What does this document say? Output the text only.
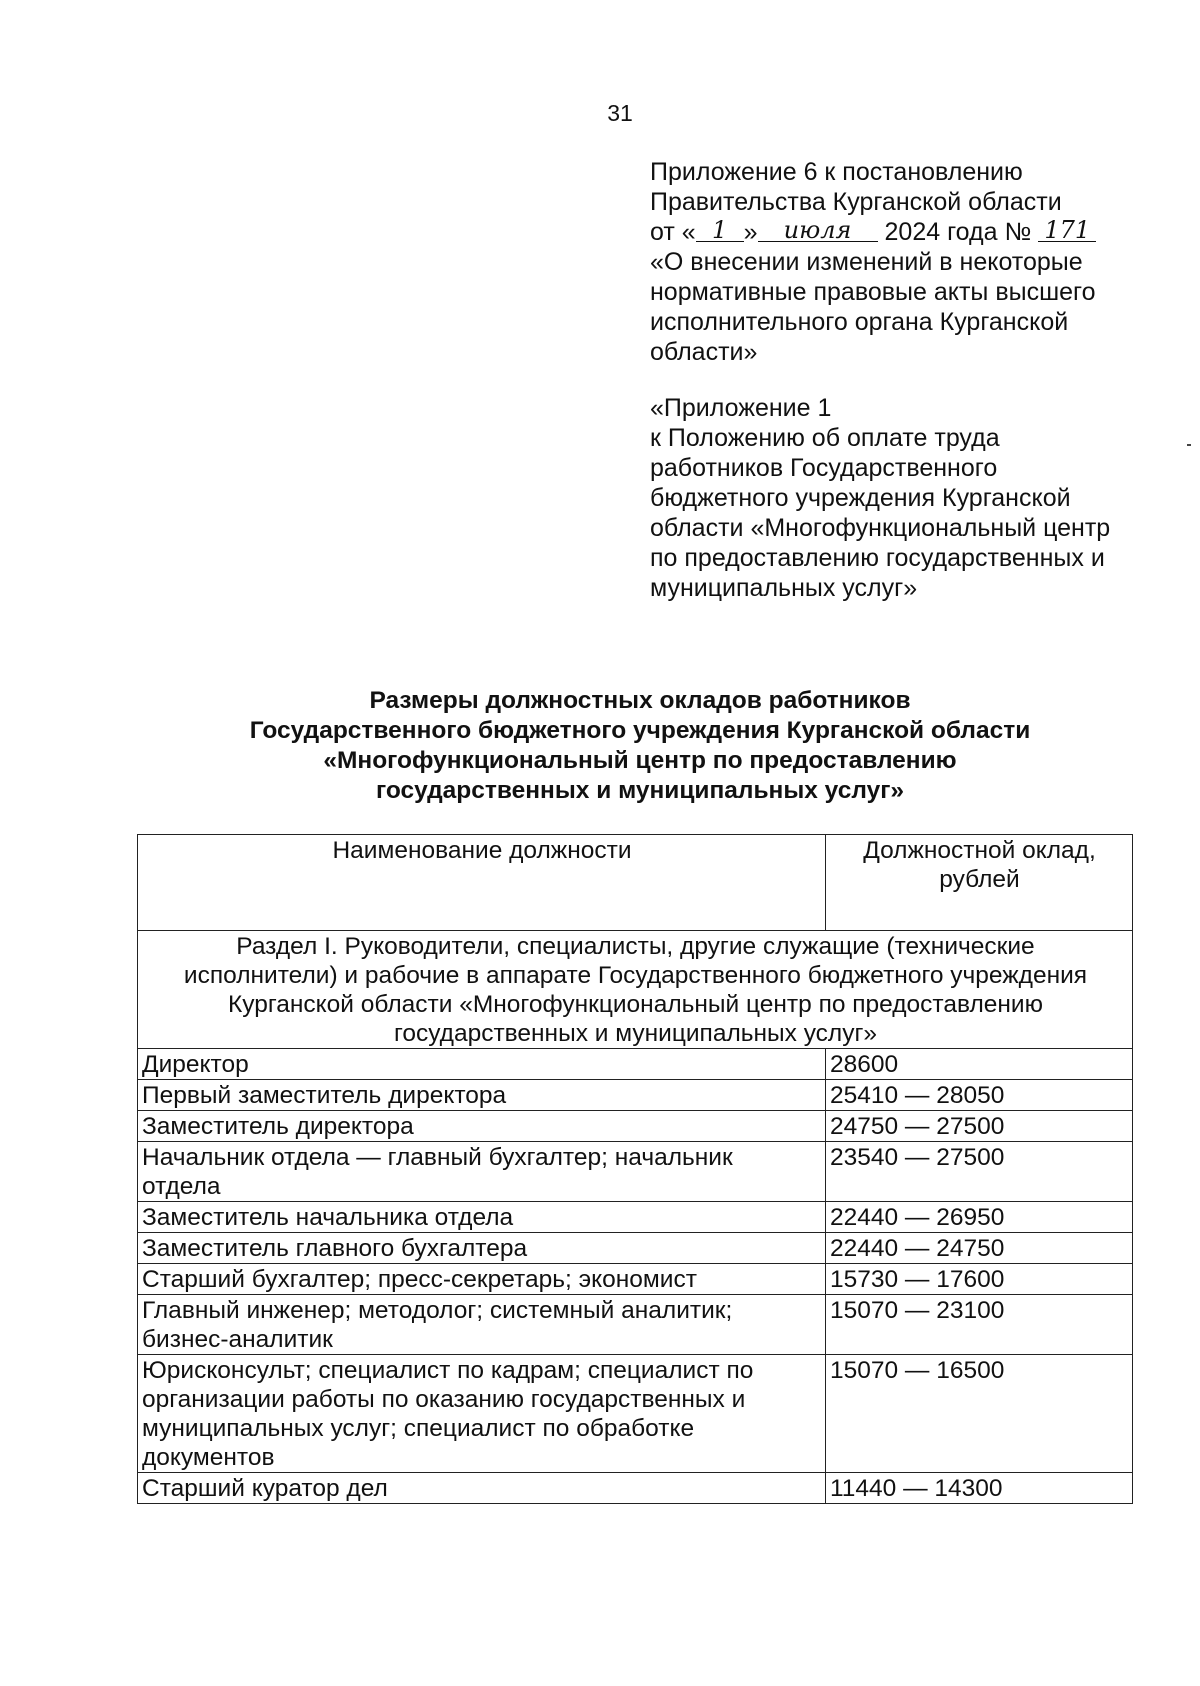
31
Приложение 6 к постановлению
Правительства Курганской области
от « 1 » июля 2024 года № 171
«О внесении изменений в некоторые
нормативные правовые акты высшего
исполнительного органа Курганской
области»
«Приложение 1
к Положению об оплате труда
работников Государственного
бюджетного учреждения Курганской
области «Многофункциональный центр
по предоставлению государственных и
муниципальных услуг»
Размеры должностных окладов работников
Государственного бюджетного учреждения Курганской области
«Многофункциональный центр по предоставлению
государственных и муниципальных услуг»
Наименование должности	Должностной оклад,
рублей

Раздел I. Руководители, специалисты, другие служащие (технические
исполнители) и рабочие в аппарате Государственного бюджетного учреждения
Курганской области «Многофункциональный центр по предоставлению
государственных и муниципальных услуг»	

Директор	28600
Первый заместитель директора	25410 — 28050
Заместитель директора	24750 — 27500

Начальник отдела — главный бухгалтер; начальник
отдела	23540 — 27500
Заместитель начальника отдела	22440 — 26950
Заместитель главного бухгалтера	22440 — 24750
Старший бухгалтер; пресс-секретарь; экономист	15730 — 17600

Главный инженер; методолог; системный аналитик;
бизнес-аналитик	15070 — 23100

Юрисконсульт; специалист по кадрам; специалист по
организации работы по оказанию государственных и
муниципальных услуг; специалист по обработке
документов	15070 — 16500
Старший куратор дел	11440 — 14300
